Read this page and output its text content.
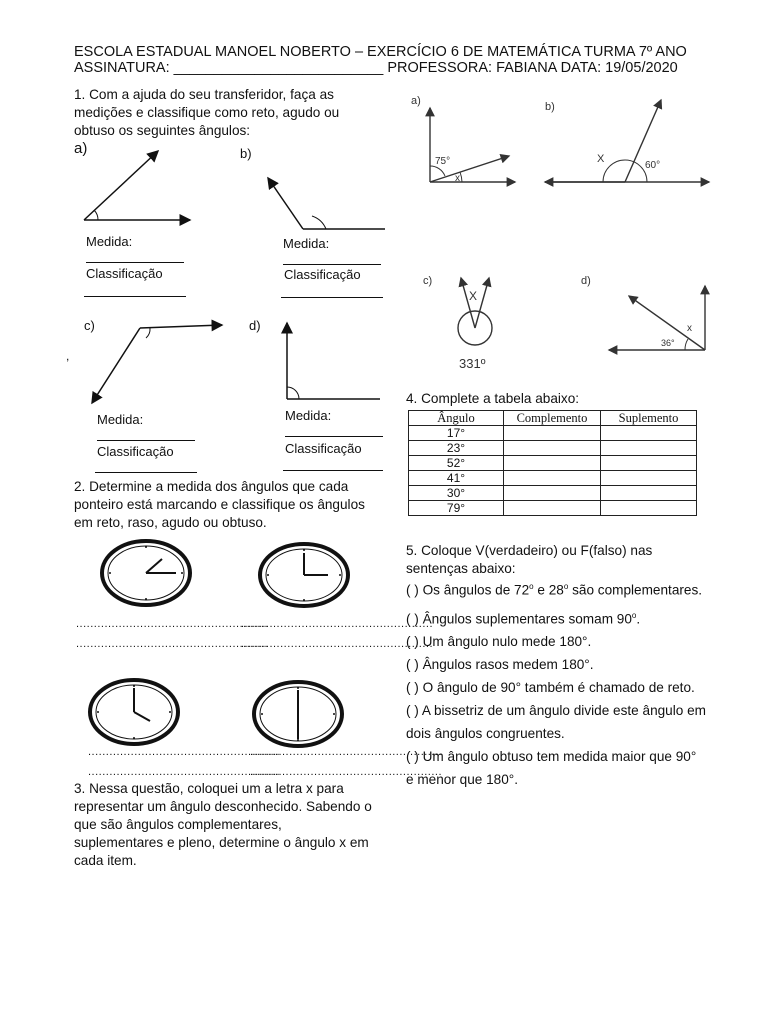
ESCOLA ESTADUAL MANOEL NOBERTO – EXERCÍCIO 6 DE MATEMÁTICA TURMA 7º ANO
ASSINATURA: __________________________ PROFESSORA: FABIANA DATA: 19/05/2020
1. Com a ajuda do seu transferidor, faça as medições e classifique como reto, agudo ou obtuso os seguintes ângulos:
,
a)	b)
c)	d)
Medida:
Classificação
Medida:
Classificação
Medida:
Classificação
Medida:
Classificação
2. Determine a medida dos ângulos que cada ponteiro está marcando e classifique os ângulos em reto, raso, agudo ou obtuso.
......................................................
......................................................
......................................................
......................................................
......................................................
......................................................
......................................................
......................................................
3. Nessa questão, coloquei um a letra x para representar um ângulo desconhecido. Sabendo o que são ângulos complementares, suplementares e pleno, determine o ângulo x em cada item.
a)
75°
x
b)
X
60°
c)
X
331º
d)
x
36°
4. Complete a tabela abaixo:
Ângulo	Complemento	Suplemento
17°		
23°		
52°		
41°		
30°		
79°		
5. Coloque V(verdadeiro) ou F(falso) nas sentenças abaixo:
( ) Os ângulos de 72$^o$ e 28$^o$ são complementares.
( ) Ângulos suplementares somam 90$^o$.
( ) Um ângulo nulo mede 180°.
( ) Ângulos rasos medem 180°.
( ) O ângulo de 90° também é chamado de reto.
( ) A bissetriz de um ângulo divide este ângulo em dois ângulos congruentes.
( ) Um ângulo obtuso tem medida maior que 90° e menor que 180°.
